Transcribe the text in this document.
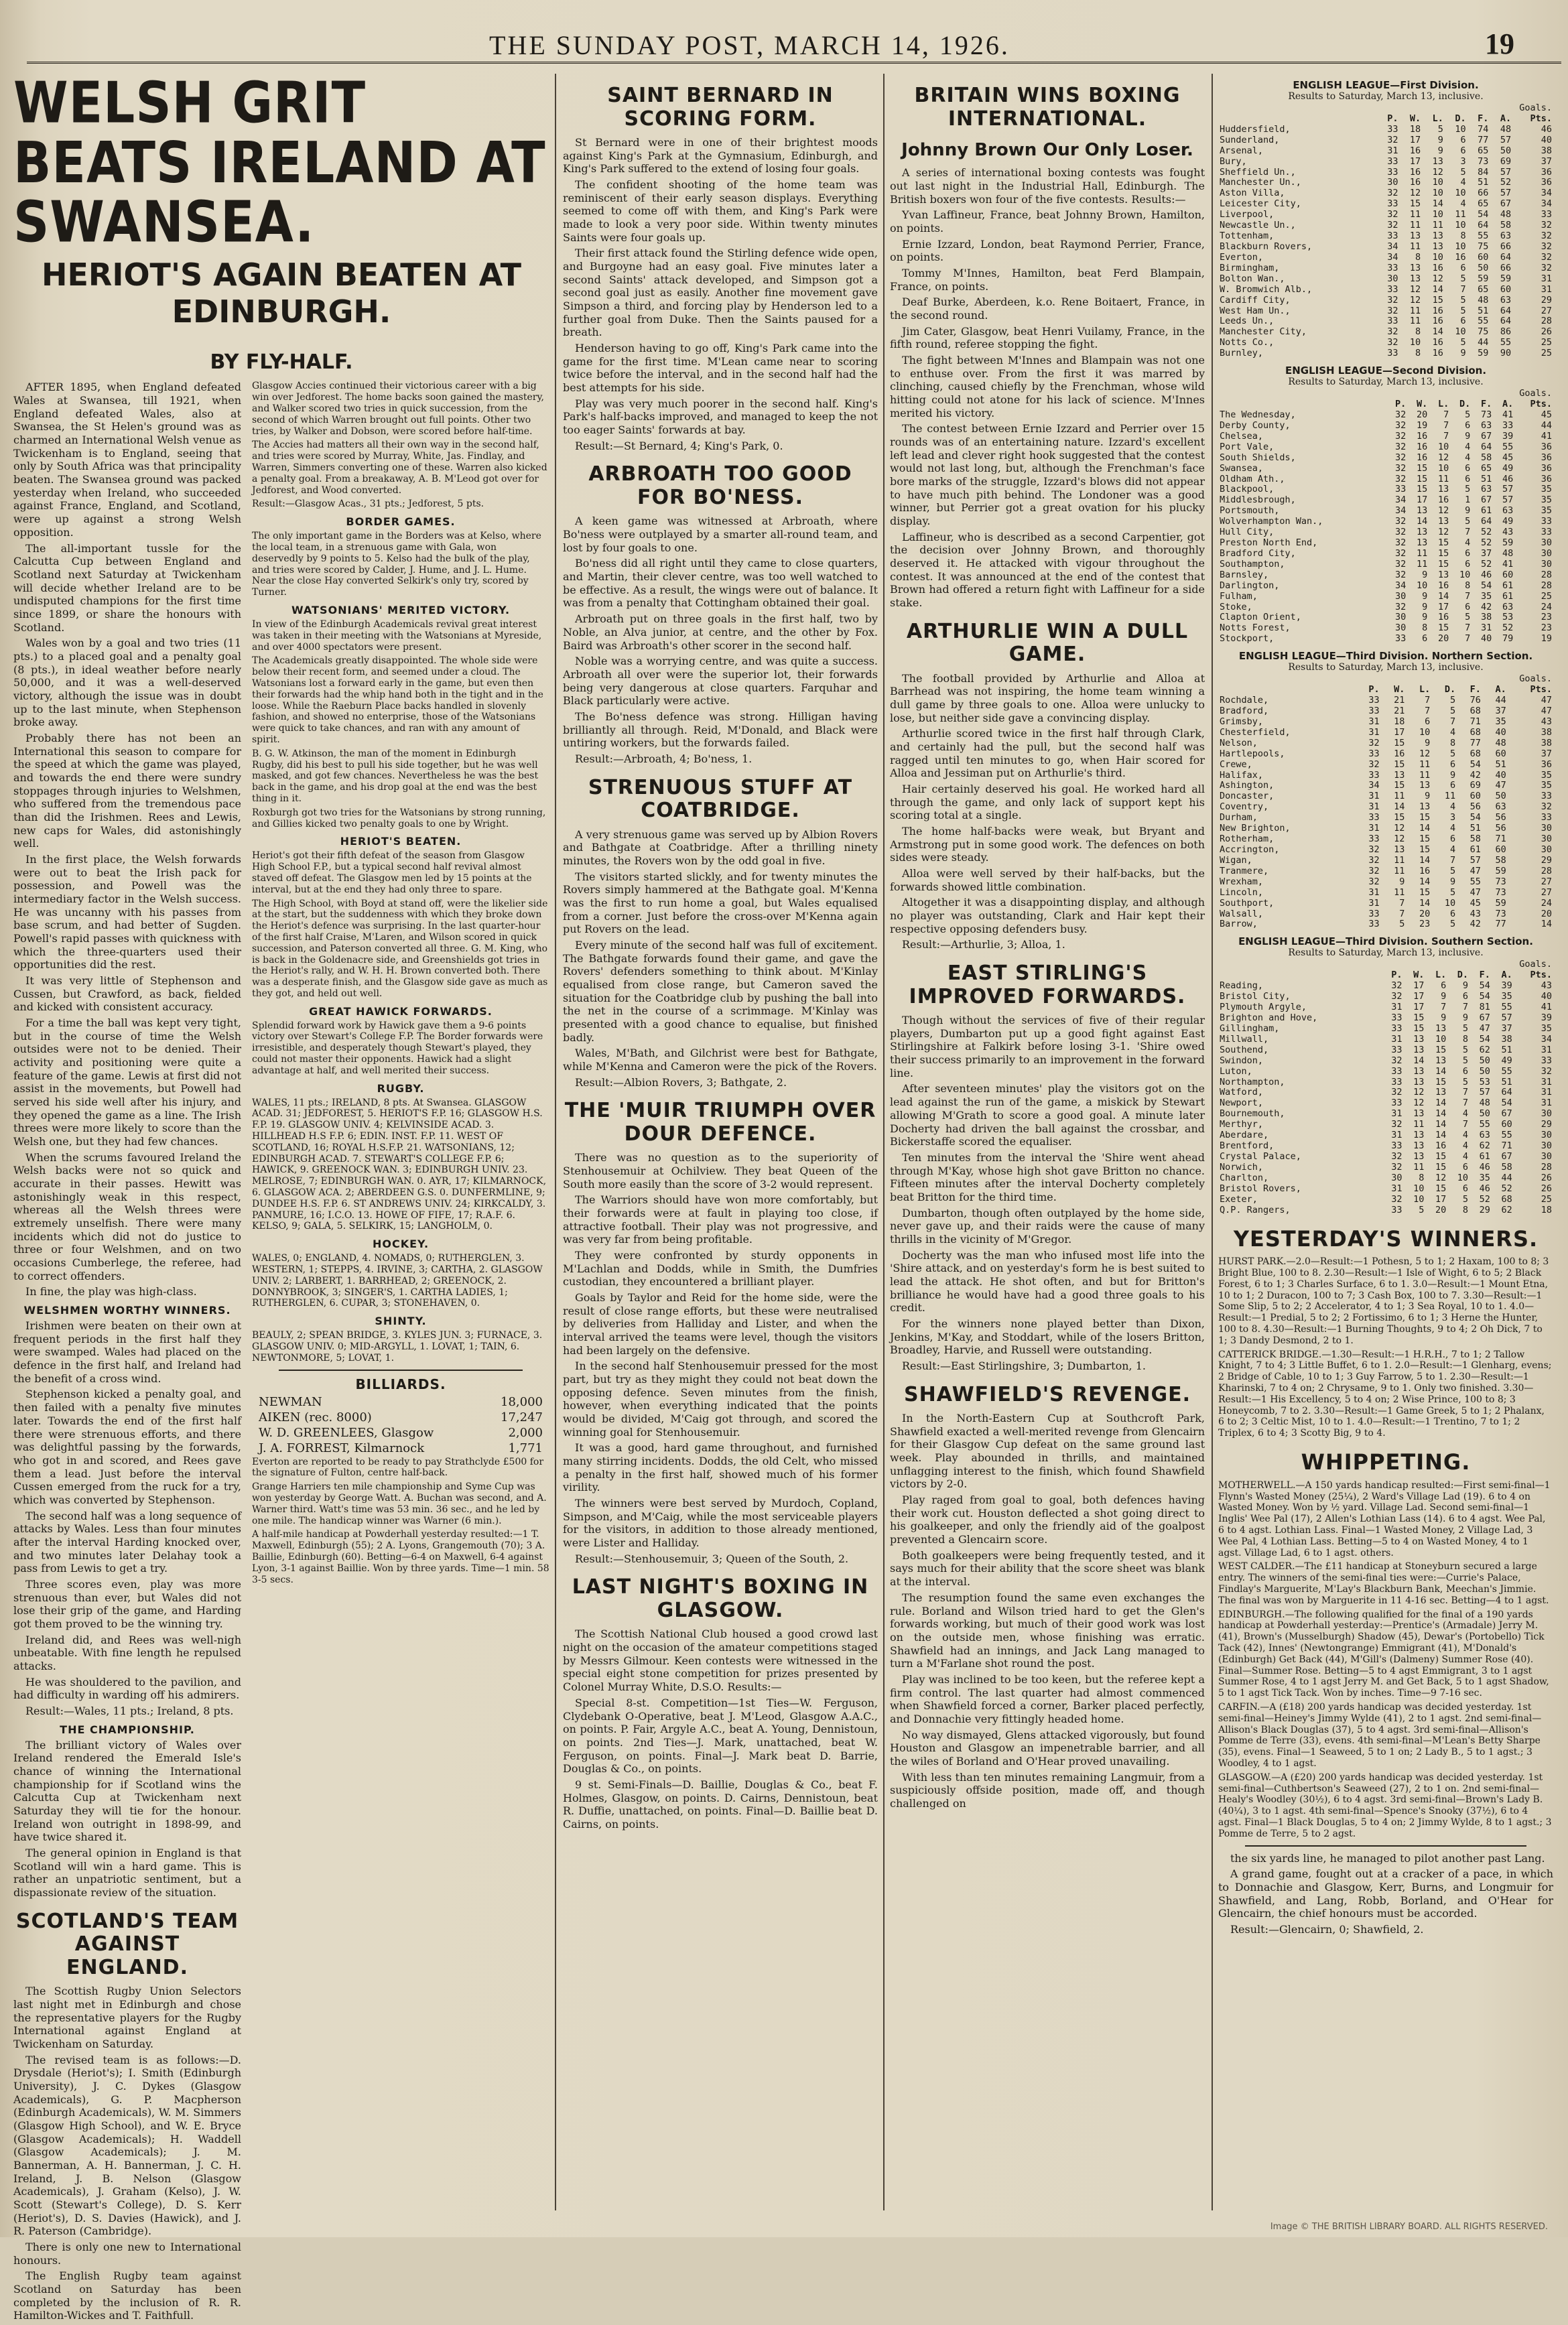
THE SUNDAY POST, MARCH 14, 1926.	19
WELSH GRIT BEATS IRELAND AT SWANSEA.
HERIOT'S AGAIN BEATEN AT EDINBURGH.
BY FLY-HALF.

AFTER 1895, when England defeated Wales at Swansea, till 1921, when England defeated Wales, also at Swansea, the St Helen's ground was as charmed an International Welsh venue as Twickenham is to England, seeing that only by South Africa was that principality beaten. The Swansea ground was packed yesterday when Ireland, who succeeded against France, England, and Scotland, were up against a strong Welsh opposition.

The all-important tussle for the Calcutta Cup between England and Scotland next Saturday at Twickenham will decide whether Ireland are to be undisputed champions for the first time since 1899, or share the honours with Scotland.

Wales won by a goal and two tries (11 pts.) to a placed goal and a penalty goal (8 pts.), in ideal weather before nearly 50,000, and it was a well-deserved victory, although the issue was in doubt up to the last minute, when Stephenson broke away.

Probably there has not been an International this season to compare for the speed at which the game was played, and towards the end there were sundry stoppages through injuries to Welshmen, who suffered from the tremendous pace than did the Irishmen. Rees and Lewis, new caps for Wales, did astonishingly well.

In the first place, the Welsh forwards were out to beat the Irish pack for possession, and Powell was the intermediary factor in the Welsh success. He was uncanny with his passes from base scrum, and had better of Sugden. Powell's rapid passes with quickness with which the three-quarters used their opportunities did the rest.

It was very little of Stephenson and Cussen, but Crawford, as back, fielded and kicked with consistent accuracy.

For a time the ball was kept very tight, but in the course of time the Welsh outsides were not to be denied. Their activity and positioning were quite a feature of the game. Lewis at first did not assist in the movements, but Powell had served his side well after his injury, and they opened the game as a line. The Irish threes were more likely to score than the Welsh one, but they had few chances.

When the scrums favoured Ireland the Welsh backs were not so quick and accurate in their passes. Hewitt was astonishingly weak in this respect, whereas all the Welsh threes were extremely unselfish. There were many incidents which did not do justice to three or four Welshmen, and on two occasions Cumberlege, the referee, had to correct offenders.

In fine, the play was high-class.

WELSHMEN WORTHY WINNERS.

Irishmen were beaten on their own at frequent periods in the first half they were swamped. Wales had placed on the defence in the first half, and Ireland had the benefit of a cross wind.

Stephenson kicked a penalty goal, and then failed with a penalty five minutes later. Towards the end of the first half there were strenuous efforts, and there was delightful passing by the forwards, who got in and scored, and Rees gave them a lead. Just before the interval Cussen emerged from the ruck for a try, which was converted by Stephenson.

The second half was a long sequence of attacks by Wales. Less than four minutes after the interval Harding knocked over, and two minutes later Delahay took a pass from Lewis to get a try.

Three scores even, play was more strenuous than ever, but Wales did not lose their grip of the game, and Harding got them proved to be the winning try.

Ireland did, and Rees was well-nigh unbeatable. With fine length he repulsed attacks.

He was shouldered to the pavilion, and had difficulty in warding off his admirers.

Result:—Wales, 11 pts.; Ireland, 8 pts.

THE CHAMPIONSHIP.

The brilliant victory of Wales over Ireland rendered the Emerald Isle's chance of winning the International championship for if Scotland wins the Calcutta Cup at Twickenham next Saturday they will tie for the honour. Ireland won outright in 1898-99, and have twice shared it.

The general opinion in England is that Scotland will win a hard game. This is rather an unpatriotic sentiment, but a dispassionate review of the situation.

SCOTLAND'S TEAM AGAINST ENGLAND.

The Scottish Rugby Union Selectors last night met in Edinburgh and chose the representative players for the Rugby International against England at Twickenham on Saturday.

The revised team is as follows:—D. Drysdale (Heriot's); I. Smith (Edinburgh University), J. C. Dykes (Glasgow Academicals), G. P. Macpherson (Edinburgh Academicals), W. M. Simmers (Glasgow High School), and W. E. Bryce (Glasgow Academicals); H. Waddell (Glasgow Academicals); J. M. Bannerman, A. H. Bannerman, J. C. H. Ireland, J. B. Nelson (Glasgow Academicals), J. Graham (Kelso), J. W. Scott (Stewart's College), D. S. Kerr (Heriot's), D. S. Davies (Hawick), and J. R. Paterson (Cambridge).

There is only one new to International honours.

The English Rugby team against Scotland on Saturday has been completed by the inclusion of R. R. Hamilton-Wickes and T. Faithfull.

Glasgow Accies continued their victorious career with a big win over Jedforest. The home backs soon gained the mastery, and Walker scored two tries in quick succession, from the second of which Warren brought out full points. Other two tries, by Walker and Dobson, were scored before half-time.

The Accies had matters all their own way in the second half, and tries were scored by Murray, White, Jas. Findlay, and Warren, Simmers converting one of these. Warren also kicked a penalty goal. From a breakaway, A. B. M'Leod got over for Jedforest, and Wood converted.

Result:—Glasgow Acas., 31 pts.; Jedforest, 5 pts.

BORDER GAMES.

The only important game in the Borders was at Kelso, where the local team, in a strenuous game with Gala, won deservedly by 9 points to 5. Kelso had the bulk of the play, and tries were scored by Calder, J. Hume, and J. L. Hume. Near the close Hay converted Selkirk's only try, scored by Turner.

WATSONIANS' MERITED VICTORY.

In view of the Edinburgh Academicals revival great interest was taken in their meeting with the Watsonians at Myreside, and over 4000 spectators were present.

The Academicals greatly disappointed. The whole side were below their recent form, and seemed under a cloud. The Watsonians lost a forward early in the game, but even then their forwards had the whip hand both in the tight and in the loose. While the Raeburn Place backs handled in slovenly fashion, and showed no enterprise, those of the Watsonians were quick to take chances, and ran with any amount of spirit.

B. G. W. Atkinson, the man of the moment in Edinburgh Rugby, did his best to pull his side together, but he was well masked, and got few chances. Nevertheless he was the best back in the game, and his drop goal at the end was the best thing in it.

Roxburgh got two tries for the Watsonians by strong running, and Gillies kicked two penalty goals to one by Wright.

HERIOT'S BEATEN.

Heriot's got their fifth defeat of the season from Glasgow High School F.P., but a typical second half revival almost staved off defeat. The Glasgow men led by 15 points at the interval, but at the end they had only three to spare.

The High School, with Boyd at stand off, were the likelier side at the start, but the suddenness with which they broke down the Heriot's defence was surprising. In the last quarter-hour of the first half Craise, M'Laren, and Wilson scored in quick succession, and Paterson converted all three. G. M. King, who is back in the Goldenacre side, and Greenshields got tries in the Heriot's rally, and W. H. H. Brown converted both. There was a desperate finish, and the Glasgow side gave as much as they got, and held out well.

GREAT HAWICK FORWARDS.

Splendid forward work by Hawick gave them a 9-6 points victory over Stewart's College F.P. The Border forwards were irresistible, and desperately though Stewart's played, they could not master their opponents. Hawick had a slight advantage at half, and well merited their success.

RUGBY.

WALES, 11 pts.; IRELAND, 8 pts. At Swansea. GLASGOW ACAD. 31; JEDFOREST, 5. HERIOT'S F.P. 16; GLASGOW H.S. F.P. 19. GLASGOW UNIV. 4; KELVINSIDE ACAD. 3. HILLHEAD H.S F.P. 6; EDIN. INST. F.P. 11. WEST OF SCOTLAND, 16; ROYAL H.S.F.P. 21. WATSONIANS, 12; EDINBURGH ACAD. 7. STEWART'S COLLEGE F.P. 6; HAWICK, 9. GREENOCK WAN. 3; EDINBURGH UNIV. 23. MELROSE, 7; EDINBURGH WAN. 0. AYR, 17; KILMARNOCK, 6. GLASGOW ACA. 2; ABERDEEN G.S. 0. DUNFERMLINE, 9; DUNDEE H.S. F.P. 6. ST ANDREWS UNIV. 24; KIRKCALDY, 3. PANMURE, 16; I.C.O. 13. HOWE OF FIFE, 17; R.A.F. 6. KELSO, 9; GALA, 5. SELKIRK, 15; LANGHOLM, 0.

HOCKEY.

WALES, 0; ENGLAND, 4. NOMADS, 0; RUTHERGLEN, 3. WESTERN, 1; STEPPS, 4. IRVINE, 3; CARTHA, 2. GLASGOW UNIV. 2; LARBERT, 1. BARRHEAD, 2; GREENOCK, 2. DONNYBROOK, 3; SINGER'S, 1. CARTHA LADIES, 1; RUTHERGLEN, 6. CUPAR, 3; STONEHAVEN, 0.

SHINTY.

BEAULY, 2; SPEAN BRIDGE, 3. KYLES JUN. 3; FURNACE, 3. GLASGOW UNIV. 0; MID-ARGYLL, 1. LOVAT, 1; TAIN, 6. NEWTONMORE, 5; LOVAT, 1.

BILLIARDS.
NEWMAN	18,000
AIKEN (rec. 8000)	17,247
W. D. GREENLEES, Glasgow	2,000
J. A. FORREST, Kilmarnock	1,771

Everton are reported to be ready to pay Strathclyde £500 for the signature of Fulton, centre half-back.

Grange Harriers ten mile championship and Syme Cup was won yesterday by George Watt. A. Buchan was second, and A. Warner third. Watt's time was 53 min. 36 sec., and he led by one mile. The handicap winner was Warner (6 min.).

A half-mile handicap at Powderhall yesterday resulted:—1 T. Maxwell, Edinburgh (55); 2 A. Lyons, Grangemouth (70); 3 A. Baillie, Edinburgh (60). Betting—6-4 on Maxwell, 6-4 against Lyon, 3-1 against Baillie. Won by three yards. Time—1 min. 58 3-5 secs.

SAINT BERNARD IN SCORING FORM.

St Bernard were in one of their brightest moods against King's Park at the Gymnasium, Edinburgh, and King's Park suffered to the extend of losing four goals.

The confident shooting of the home team was reminiscent of their early season displays. Everything seemed to come off with them, and King's Park were made to look a very poor side. Within twenty minutes Saints were four goals up.

Their first attack found the Stirling defence wide open, and Burgoyne had an easy goal. Five minutes later a second Saints' attack developed, and Simpson got a second goal just as easily. Another fine movement gave Simpson a third, and forcing play by Henderson led to a further goal from Duke. Then the Saints paused for a breath.

Henderson having to go off, King's Park came into the game for the first time. M'Lean came near to scoring twice before the interval, and in the second half had the best attempts for his side.

Play was very much poorer in the second half. King's Park's half-backs improved, and managed to keep the not too eager Saints' forwards at bay.

Result:—St Bernard, 4; King's Park, 0.

ARBROATH TOO GOOD FOR BO'NESS.

A keen game was witnessed at Arbroath, where Bo'ness were outplayed by a smarter all-round team, and lost by four goals to one.

Bo'ness did all right until they came to close quarters, and Martin, their clever centre, was too well watched to be effective. As a result, the wings were out of balance. It was from a penalty that Cottingham obtained their goal.

Arbroath put on three goals in the first half, two by Noble, an Alva junior, at centre, and the other by Fox. Baird was Arbroath's other scorer in the second half.

Noble was a worrying centre, and was quite a success. Arbroath all over were the superior lot, their forwards being very dangerous at close quarters. Farquhar and Black particularly were active.

The Bo'ness defence was strong. Hilligan having brilliantly all through. Reid, M'Donald, and Black were untiring workers, but the forwards failed.

Result:—Arbroath, 4; Bo'ness, 1.

STRENUOUS STUFF AT COATBRIDGE.

A very strenuous game was served up by Albion Rovers and Bathgate at Coatbridge. After a thrilling ninety minutes, the Rovers won by the odd goal in five.

The visitors started slickly, and for twenty minutes the Rovers simply hammered at the Bathgate goal. M'Kenna was the first to run home a goal, but Wales equalised from a corner. Just before the cross-over M'Kenna again put Rovers on the lead.

Every minute of the second half was full of excitement. The Bathgate forwards found their game, and gave the Rovers' defenders something to think about. M'Kinlay equalised from close range, but Cameron saved the situation for the Coatbridge club by pushing the ball into the net in the course of a scrimmage. M'Kinlay was presented with a good chance to equalise, but finished badly.

Wales, M'Bath, and Gilchrist were best for Bathgate, while M'Kenna and Cameron were the pick of the Rovers.

Result:—Albion Rovers, 3; Bathgate, 2.

THE 'MUIR TRIUMPH OVER DOUR DEFENCE.

There was no question as to the superiority of Stenhousemuir at Ochilview. They beat Queen of the South more easily than the score of 3-2 would represent.

The Warriors should have won more comfortably, but their forwards were at fault in playing too close, if attractive football. Their play was not progressive, and was very far from being profitable.

They were confronted by sturdy opponents in M'Lachlan and Dodds, while in Smith, the Dumfries custodian, they encountered a brilliant player.

Goals by Taylor and Reid for the home side, were the result of close range efforts, but these were neutralised by deliveries from Halliday and Lister, and when the interval arrived the teams were level, though the visitors had been largely on the defensive.

In the second half Stenhousemuir pressed for the most part, but try as they might they could not beat down the opposing defence. Seven minutes from the finish, however, when everything indicated that the points would be divided, M'Caig got through, and scored the winning goal for Stenhousemuir.

It was a good, hard game throughout, and furnished many stirring incidents. Dodds, the old Celt, who missed a penalty in the first half, showed much of his former virility.

The winners were best served by Murdoch, Copland, Simpson, and M'Caig, while the most serviceable players for the visitors, in addition to those already mentioned, were Lister and Halliday.

Result:—Stenhousemuir, 3; Queen of the South, 2.

LAST NIGHT'S BOXING IN GLASGOW.

The Scottish National Club housed a good crowd last night on the occasion of the amateur competitions staged by Messrs Gilmour. Keen contests were witnessed in the special eight stone competition for prizes presented by Colonel Murray White, D.S.O. Results:—

Special 8-st. Competition—1st Ties—W. Ferguson, Clydebank O-Operative, beat J. M'Leod, Glasgow A.A.C., on points. P. Fair, Argyle A.C., beat A. Young, Dennistoun, on points. 2nd Ties—J. Mark, unattached, beat W. Ferguson, on points. Final—J. Mark beat D. Barrie, Douglas & Co., on points.

9 st. Semi-Finals—D. Baillie, Douglas & Co., beat F. Holmes, Glasgow, on points. D. Cairns, Dennistoun, beat R. Duffie, unattached, on points. Final—D. Baillie beat D. Cairns, on points.

BRITAIN WINS BOXING INTERNATIONAL.
Johnny Brown Our Only Loser.

A series of international boxing contests was fought out last night in the Industrial Hall, Edinburgh. The British boxers won four of the five contests. Results:—

Yvan Laffineur, France, beat Johnny Brown, Hamilton, on points.

Ernie Izzard, London, beat Raymond Perrier, France, on points.

Tommy M'Innes, Hamilton, beat Ferd Blampain, France, on points.

Deaf Burke, Aberdeen, k.o. Rene Boitaert, France, in the second round.

Jim Cater, Glasgow, beat Henri Vuilamy, France, in the fifth round, referee stopping the fight.

The fight between M'Innes and Blampain was not one to enthuse over. From the first it was marred by clinching, caused chiefly by the Frenchman, whose wild hitting could not atone for his lack of science. M'Innes merited his victory.

The contest between Ernie Izzard and Perrier over 15 rounds was of an entertaining nature. Izzard's excellent left lead and clever right hook suggested that the contest would not last long, but, although the Frenchman's face bore marks of the struggle, Izzard's blows did not appear to have much pith behind. The Londoner was a good winner, but Perrier got a great ovation for his plucky display.

Laffineur, who is described as a second Carpentier, got the decision over Johnny Brown, and thoroughly deserved it. He attacked with vigour throughout the contest. It was announced at the end of the contest that Brown had offered a return fight with Laffineur for a side stake.

ARTHURLIE WIN A DULL GAME.

The football provided by Arthurlie and Alloa at Barrhead was not inspiring, the home team winning a dull game by three goals to one. Alloa were unlucky to lose, but neither side gave a convincing display.

Arthurlie scored twice in the first half through Clark, and certainly had the pull, but the second half was ragged until ten minutes to go, when Hair scored for Alloa and Jessiman put on Arthurlie's third.

Hair certainly deserved his goal. He worked hard all through the game, and only lack of support kept his scoring total at a single.

The home half-backs were weak, but Bryant and Armstrong put in some good work. The defences on both sides were steady.

Alloa were well served by their half-backs, but the forwards showed little combination.

Altogether it was a disappointing display, and although no player was outstanding, Clark and Hair kept their respective opposing defenders busy.

Result:—Arthurlie, 3; Alloa, 1.

EAST STIRLING'S IMPROVED FORWARDS.

Though without the services of five of their regular players, Dumbarton put up a good fight against East Stirlingshire at Falkirk before losing 3-1. 'Shire owed their success primarily to an improvement in the forward line.

After seventeen minutes' play the visitors got on the lead against the run of the game, a miskick by Stewart allowing M'Grath to score a good goal. A minute later Docherty had driven the ball against the crossbar, and Bickerstaffe scored the equaliser.

Ten minutes from the interval the 'Shire went ahead through M'Kay, whose high shot gave Britton no chance. Fifteen minutes after the interval Docherty completely beat Britton for the third time.

Dumbarton, though often outplayed by the home side, never gave up, and their raids were the cause of many thrills in the vicinity of M'Gregor.

Docherty was the man who infused most life into the 'Shire attack, and on yesterday's form he is best suited to lead the attack. He shot often, and but for Britton's brilliance he would have had a good three goals to his credit.

For the winners none played better than Dixon, Jenkins, M'Kay, and Stoddart, while of the losers Britton, Broadley, Harvie, and Russell were outstanding.

Result:—East Stirlingshire, 3; Dumbarton, 1.

SHAWFIELD'S REVENGE.

In the North-Eastern Cup at Southcroft Park, Shawfield exacted a well-merited revenge from Glencairn for their Glasgow Cup defeat on the same ground last week. Play abounded in thrills, and maintained unflagging interest to the finish, which found Shawfield victors by 2-0.

Play raged from goal to goal, both defences having their work cut. Houston deflected a shot going direct to his goalkeeper, and only the friendly aid of the goalpost prevented a Glencairn score.

Both goalkeepers were being frequently tested, and it says much for their ability that the score sheet was blank at the interval.

The resumption found the same even exchanges the rule. Borland and Wilson tried hard to get the Glen's forwards working, but much of their good work was lost on the outside men, whose finishing was erratic. Shawfield had an innings, and Jack Lang managed to turn a M'Farlane shot round the post.

Play was inclined to be too keen, but the referee kept a firm control. The last quarter had almost commenced when Shawfield forced a corner, Barker placed perfectly, and Donnachie very fittingly headed home.

No way dismayed, Glens attacked vigorously, but found Houston and Glasgow an impenetrable barrier, and all the wiles of Borland and O'Hear proved unavailing.

With less than ten minutes remaining Langmuir, from a suspiciously offside position, made off, and though challenged on

ENGLISH LEAGUE—First Division.
Results to Saturday, March 13, inclusive.
						Goals.	
	P.	W.	L.	D.	F.	A.	Pts.
Huddersfield,	33	18	5	10	74	48	46
Sunderland,	32	17	9	6	77	57	40
Arsenal,	31	16	9	6	65	50	38
Bury,	33	17	13	3	73	69	37
Sheffield Un.,	33	16	12	5	84	57	36
Manchester Un.,	30	16	10	4	51	52	36
Aston Villa,	32	12	10	10	66	57	34
Leicester City,	33	15	14	4	65	67	34
Liverpool,	32	11	10	11	54	48	33
Newcastle Un.,	32	11	11	10	64	58	32
Tottenham,	33	13	13	8	55	63	32
Blackburn Rovers,	34	11	13	10	75	66	32
Everton,	34	8	10	16	60	64	32
Birmingham,	33	13	16	6	50	66	32
Bolton Wan.,	30	13	12	5	59	59	31
W. Bromwich Alb.,	33	12	14	7	65	60	31
Cardiff City,	32	12	15	5	48	63	29
West Ham Un.,	32	11	16	5	51	64	27
Leeds Un.,	33	11	16	6	55	64	28
Manchester City,	32	8	14	10	75	86	26
Notts Co.,	32	10	16	5	44	55	25
Burnley,	33	8	16	9	59	90	25
ENGLISH LEAGUE—Second Division.
Results to Saturday, March 13, inclusive.
						Goals.	
	P.	W.	L.	D.	F.	A.	Pts.
The Wednesday,	32	20	7	5	73	41	45
Derby County,	32	19	7	6	63	33	44
Chelsea,	32	16	7	9	67	39	41
Port Vale,	32	16	10	4	64	55	36
South Shields,	32	16	12	4	58	45	36
Swansea,	32	15	10	6	65	49	36
Oldham Ath.,	32	15	11	6	51	46	36
Blackpool,	33	15	13	5	63	57	35
Middlesbrough,	34	17	16	1	67	57	35
Portsmouth,	34	13	12	9	61	63	35
Wolverhampton Wan.,	32	14	13	5	64	49	33
Hull City,	32	13	12	7	52	43	33
Preston North End,	32	13	15	4	52	59	30
Bradford City,	32	11	15	6	37	48	30
Southampton,	32	11	15	6	52	41	30
Barnsley,	32	9	13	10	46	60	28
Darlington,	34	10	16	8	54	61	28
Fulham,	30	9	14	7	35	61	25
Stoke,	32	9	17	6	42	63	24
Clapton Orient,	30	9	16	5	38	53	23
Notts Forest,	30	8	15	7	31	52	23
Stockport,	33	6	20	7	40	79	19
ENGLISH LEAGUE—Third Division. Northern Section.
Results to Saturday, March 13, inclusive.
						Goals.	
	P.	W.	L.	D.	F.	A.	Pts.
Rochdale,	33	21	7	5	76	44	47
Bradford,	33	21	7	5	68	37	47
Grimsby,	31	18	6	7	71	35	43
Chesterfield,	31	17	10	4	68	40	38
Nelson,	32	15	9	8	77	48	38
Hartlepools,	33	16	12	5	68	60	37
Crewe,	32	15	11	6	54	51	36
Halifax,	33	13	11	9	42	40	35
Ashington,	34	15	13	6	69	47	35
Doncaster,	31	11	9	11	60	50	33
Coventry,	31	14	13	4	56	63	32
Durham,	33	15	15	3	54	56	33
New Brighton,	31	12	14	4	51	56	30
Rotherham,	33	12	15	6	58	71	30
Accrington,	32	13	15	4	61	60	30
Wigan,	32	11	14	7	57	58	29
Tranmere,	32	11	16	5	47	59	28
Wrexham,	32	9	14	9	55	73	27
Lincoln,	31	11	15	5	47	73	27
Southport,	31	7	14	10	45	59	24
Walsall,	33	7	20	6	43	73	20
Barrow,	33	5	23	5	42	77	14
ENGLISH LEAGUE—Third Division. Southern Section.
Results to Saturday, March 13, inclusive.
						Goals.	
	P.	W.	L.	D.	F.	A.	Pts.
Reading,	32	17	6	9	54	39	43
Bristol City,	32	17	9	6	54	35	40
Plymouth Argyle,	31	17	7	7	81	55	41
Brighton and Hove,	33	15	9	9	67	57	39
Gillingham,	33	15	13	5	47	37	35
Millwall,	31	13	10	8	54	38	34
Southend,	33	13	15	5	62	51	31
Swindon,	32	14	13	5	50	49	33
Luton,	33	13	14	6	50	55	32
Northampton,	33	13	15	5	53	51	31
Watford,	32	12	13	7	57	64	31
Newport,	33	12	14	7	48	54	31
Bournemouth,	31	13	14	4	50	67	30
Merthyr,	32	11	14	7	55	60	29
Aberdare,	31	13	14	4	63	55	30
Brentford,	33	13	16	4	62	71	30
Crystal Palace,	32	13	15	4	61	67	30
Norwich,	32	11	15	6	46	58	28
Charlton,	30	8	12	10	35	44	26
Bristol Rovers,	31	10	15	6	46	52	26
Exeter,	32	10	17	5	52	68	25
Q.P. Rangers,	33	5	20	8	29	62	18
YESTERDAY'S WINNERS.

HURST PARK.—2.0—Result:—1 Pothesn, 5 to 1; 2 Haxam, 100 to 8; 3 Bright Blue, 100 to 8. 2.30—Result:—1 Isle of Wight, 6 to 5; 2 Black Forest, 6 to 1; 3 Charles Surface, 6 to 1. 3.0—Result:—1 Mount Etna, 10 to 1; 2 Duracon, 100 to 7; 3 Cash Box, 100 to 7. 3.30—Result:—1 Some Slip, 5 to 2; 2 Accelerator, 4 to 1; 3 Sea Royal, 10 to 1. 4.0—Result:—1 Predial, 5 to 2; 2 Fortissimo, 6 to 1; 3 Herne the Hunter, 100 to 8. 4.30—Result:—1 Burning Thoughts, 9 to 4; 2 Oh Dick, 7 to 1; 3 Dandy Desmond, 2 to 1.

CATTERICK BRIDGE.—1.30—Result:—1 H.R.H., 7 to 1; 2 Tallow Knight, 7 to 4; 3 Little Buffet, 6 to 1. 2.0—Result:—1 Glenharg, evens; 2 Bridge of Cable, 10 to 1; 3 Guy Farrow, 5 to 1. 2.30—Result:—1 Kharinski, 7 to 4 on; 2 Chrysame, 9 to 1. Only two finished. 3.30—Result:—1 His Excellency, 5 to 4 on; 2 Wise Prince, 100 to 8; 3 Honeycomb, 7 to 2. 3.30—Result:—1 Game Greek, 5 to 1; 2 Phalanx, 6 to 2; 3 Celtic Mist, 10 to 1. 4.0—Result:—1 Trentino, 7 to 1; 2 Triplex, 6 to 4; 3 Scotty Big, 9 to 4.

WHIPPETING.

MOTHERWELL.—A 150 yards handicap resulted:—First semi-final—1 Flynn's Wasted Money (25¼), 2 Ward's Village Lad (19). 6 to 4 on Wasted Money. Won by ½ yard. Village Lad. Second semi-final—1 Inglis' Wee Pal (17), 2 Allen's Lothian Lass (14). 6 to 4 agst. Wee Pal, 6 to 4 agst. Lothian Lass. Final—1 Wasted Money, 2 Village Lad, 3 Wee Pal, 4 Lothian Lass. Betting—5 to 4 on Wasted Money, 4 to 1 agst. Village Lad, 6 to 1 agst. others.

WEST CALDER.—The £11 handicap at Stoneyburn secured a large entry. The winners of the semi-final ties were:—Currie's Palace, Findlay's Marguerite, M'Lay's Blackburn Bank, Meechan's Jimmie. The final was won by Marguerite in 11 4-16 sec. Betting—4 to 1 agst.

EDINBURGH.—The following qualified for the final of a 190 yards handicap at Powderhall yesterday:—Prentice's (Armadale) Jerry M. (41), Brown's (Musselburgh) Shadow (45), Dewar's (Portobello) Tick Tack (42), Innes' (Newtongrange) Emmigrant (41), M'Donald's (Edinburgh) Get Back (44), M'Gill's (Dalmeny) Summer Rose (40). Final—Summer Rose. Betting—5 to 4 agst Emmigrant, 3 to 1 agst Summer Rose, 4 to 1 agst Jerry M. and Get Back, 5 to 1 agst Shadow, 5 to 1 agst Tick Tack. Won by inches. Time—9 7-16 sec.

CARFIN.—A (£18) 200 yards handicap was decided yesterday. 1st semi-final—Heiney's Jimmy Wylde (41), 2 to 1 agst. 2nd semi-final—Allison's Black Douglas (37), 5 to 4 agst. 3rd semi-final—Allison's Pomme de Terre (33), evens. 4th semi-final—M'Lean's Betty Sharpe (35), evens. Final—1 Seaweed, 5 to 1 on; 2 Lady B., 5 to 1 agst.; 3 Woodley, 4 to 1 agst.

GLASGOW.—A (£20) 200 yards handicap was decided yesterday. 1st semi-final—Cuthbertson's Seaweed (27), 2 to 1 on. 2nd semi-final—Healy's Woodley (30½), 6 to 4 agst. 3rd semi-final—Brown's Lady B. (40¼), 3 to 1 agst. 4th semi-final—Spence's Snooky (37½), 6 to 4 agst. Final—1 Black Douglas, 5 to 4 on; 2 Jimmy Wylde, 8 to 1 agst.; 3 Pomme de Terre, 5 to 2 agst.

the six yards line, he managed to pilot another past Lang.

A grand game, fought out at a cracker of a pace, in which to Donnachie and Glasgow, Kerr, Burns, and Longmuir for Shawfield, and Lang, Robb, Borland, and O'Hear for Glencairn, the chief honours must be accorded.

Result:—Glencairn, 0; Shawfield, 2.

Image © THE BRITISH LIBRARY BOARD. ALL RIGHTS RESERVED.
